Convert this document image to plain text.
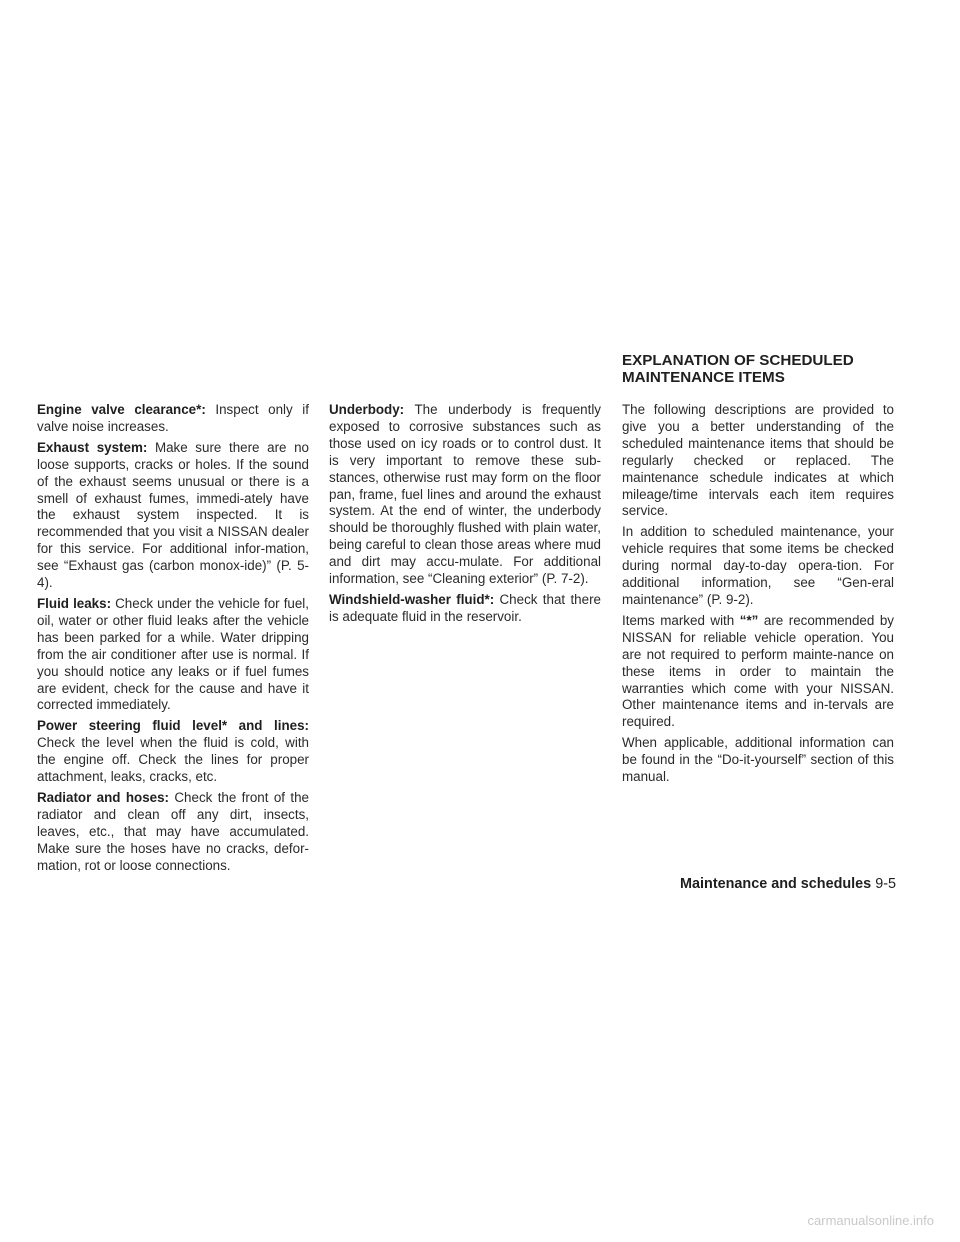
EXPLANATION OF SCHEDULED
MAINTENANCE ITEMS

Engine valve clearance*: Inspect only if valve noise increases.

Exhaust system: Make sure there are no loose supports, cracks or holes. If the sound of the exhaust seems unusual or there is a smell of exhaust fumes, immedi-ately have the exhaust system inspected. It is recommended that you visit a NISSAN dealer for this service. For additional infor-mation, see “Exhaust gas (carbon monox-ide)” (P. 5-4).

Fluid leaks: Check under the vehicle for fuel, oil, water or other fluid leaks after the vehicle has been parked for a while. Water dripping from the air conditioner after use is normal. If you should notice any leaks or if fuel fumes are evident, check for the cause and have it corrected immediately.

Power steering fluid level* and lines: Check the level when the fluid is cold, with the engine off. Check the lines for proper attachment, leaks, cracks, etc.

Radiator and hoses: Check the front of the radiator and clean off any dirt, insects, leaves, etc., that may have accumulated. Make sure the hoses have no cracks, defor-mation, rot or loose connections.

Underbody: The underbody is frequently exposed to corrosive substances such as those used on icy roads or to control dust. It is very important to remove these sub-stances, otherwise rust may form on the floor pan, frame, fuel lines and around the exhaust system. At the end of winter, the underbody should be thoroughly flushed with plain water, being careful to clean those areas where mud and dirt may accu-mulate. For additional information, see “Cleaning exterior” (P. 7-2).

Windshield-washer fluid*: Check that there is adequate fluid in the reservoir.

The following descriptions are provided to give you a better understanding of the scheduled maintenance items that should be regularly checked or replaced. The maintenance schedule indicates at which mileage/time intervals each item requires service.

In addition to scheduled maintenance, your vehicle requires that some items be checked during normal day-to-day opera-tion. For additional information, see “Gen-eral maintenance” (P. 9-2).

Items marked with “*” are recommended by NISSAN for reliable vehicle operation. You are not required to perform mainte-nance on these items in order to maintain the warranties which come with your NISSAN. Other maintenance items and in-tervals are required.

When applicable, additional information can be found in the “Do-it-yourself” section of this manual.

Maintenance and schedules 9-5
carmanualsonline.info
